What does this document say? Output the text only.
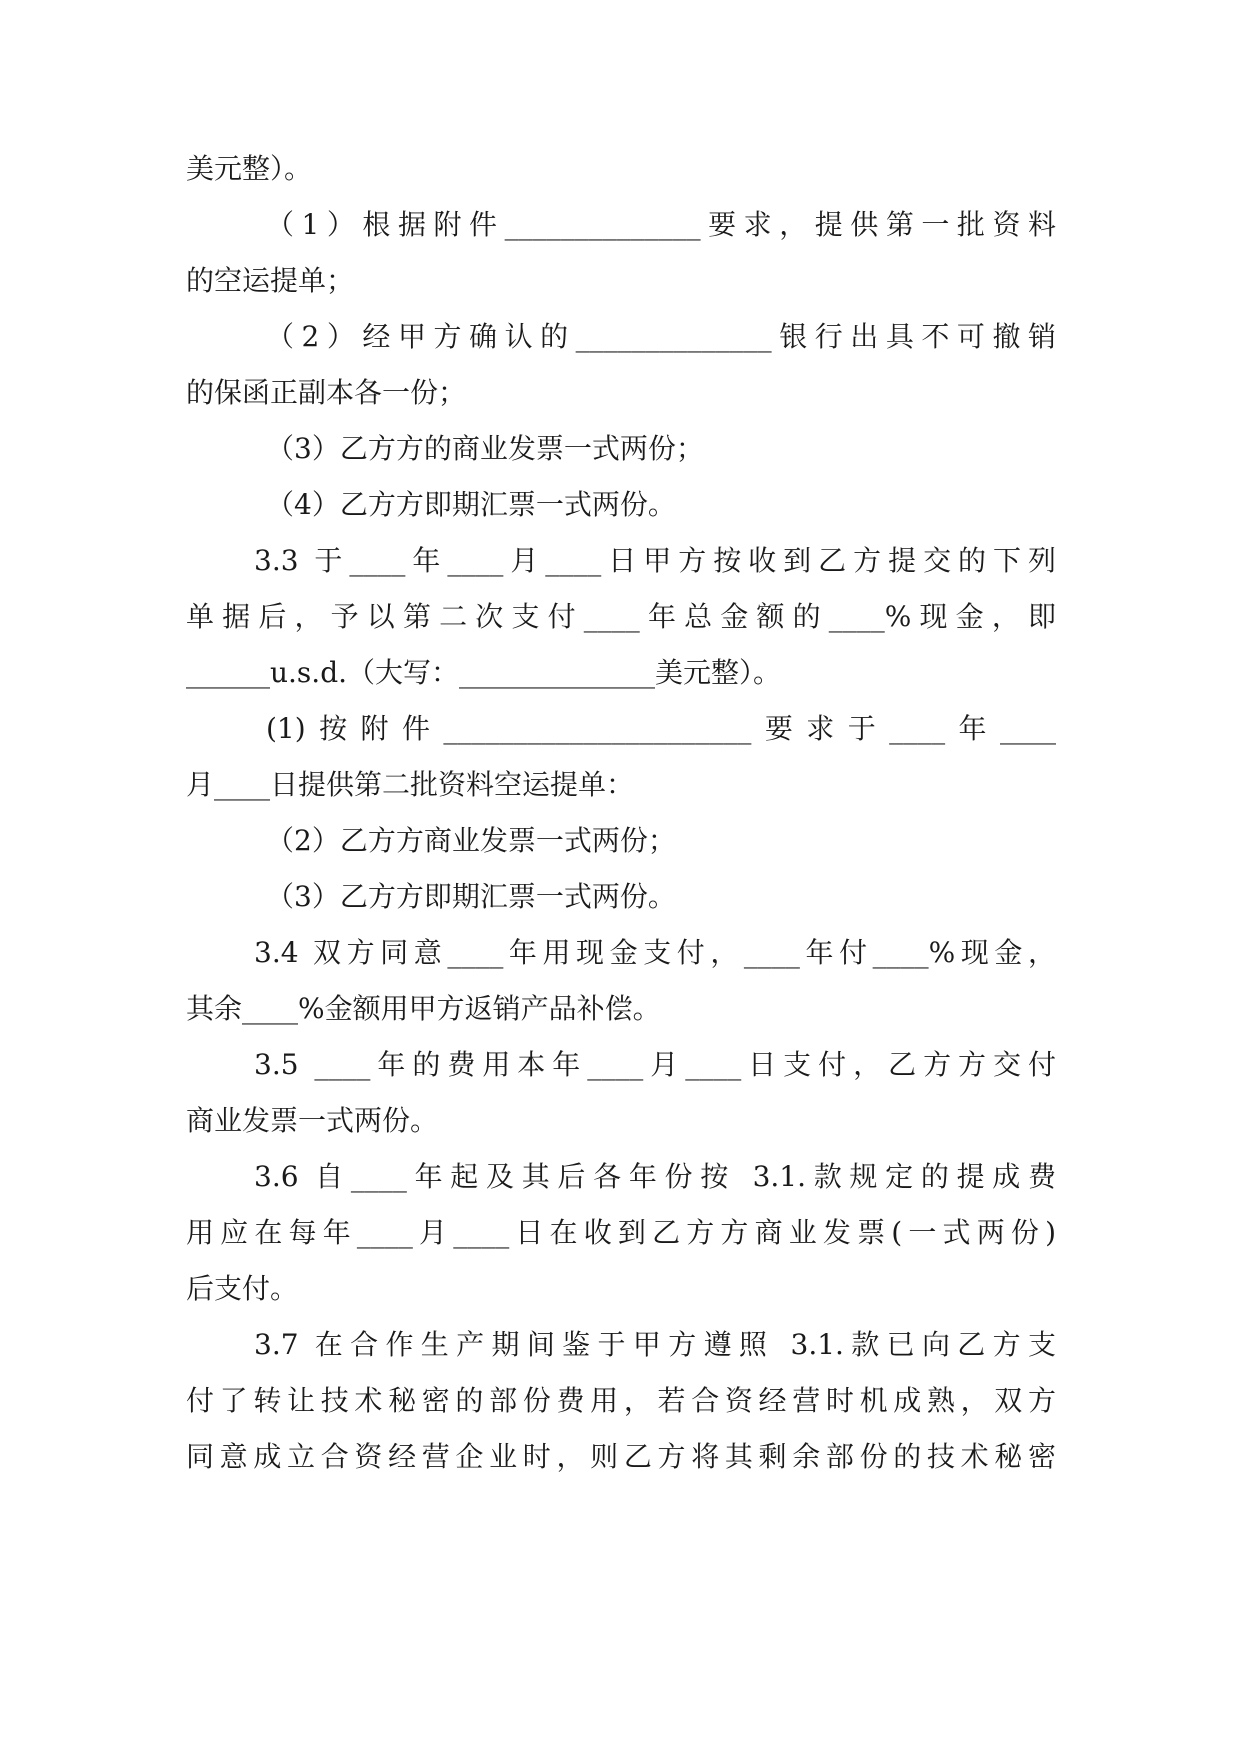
美元整）。
（1）根据附件______________要求，提供第一批资料
的空运提单；
（2）经甲方确认的______________银行出具不可撤销
的保函正副本各一份；
（3）乙方方的商业发票一式两份；
（4）乙方方即期汇票一式两份。
3.3 于____年____月____日甲方按收到乙方提交的下列
单据后，予以第二次支付____年总金额的____%现金，即
______u.s.d.（大写：______________美元整）。
(1)按附件______________________要求于____年____
月____日提供第二批资料空运提单：
（2）乙方方商业发票一式两份；
（3）乙方方即期汇票一式两份。
3.4 双方同意____年用现金支付，____年付____%现金，
其余____%金额用甲方返销产品补偿。
3.5 ____年的费用本年____月____日支付，乙方方交付
商业发票一式两份。
3.6 自____年起及其后各年份按 3.1.款规定的提成费
用应在每年____月____日在收到乙方方商业发票(一式两份)
后支付。
3.7 在合作生产期间鉴于甲方遵照 3.1.款已向乙方支
付了转让技术秘密的部份费用，若合资经营时机成熟，双方
同意成立合资经营企业时，则乙方将其剩余部份的技术秘密
